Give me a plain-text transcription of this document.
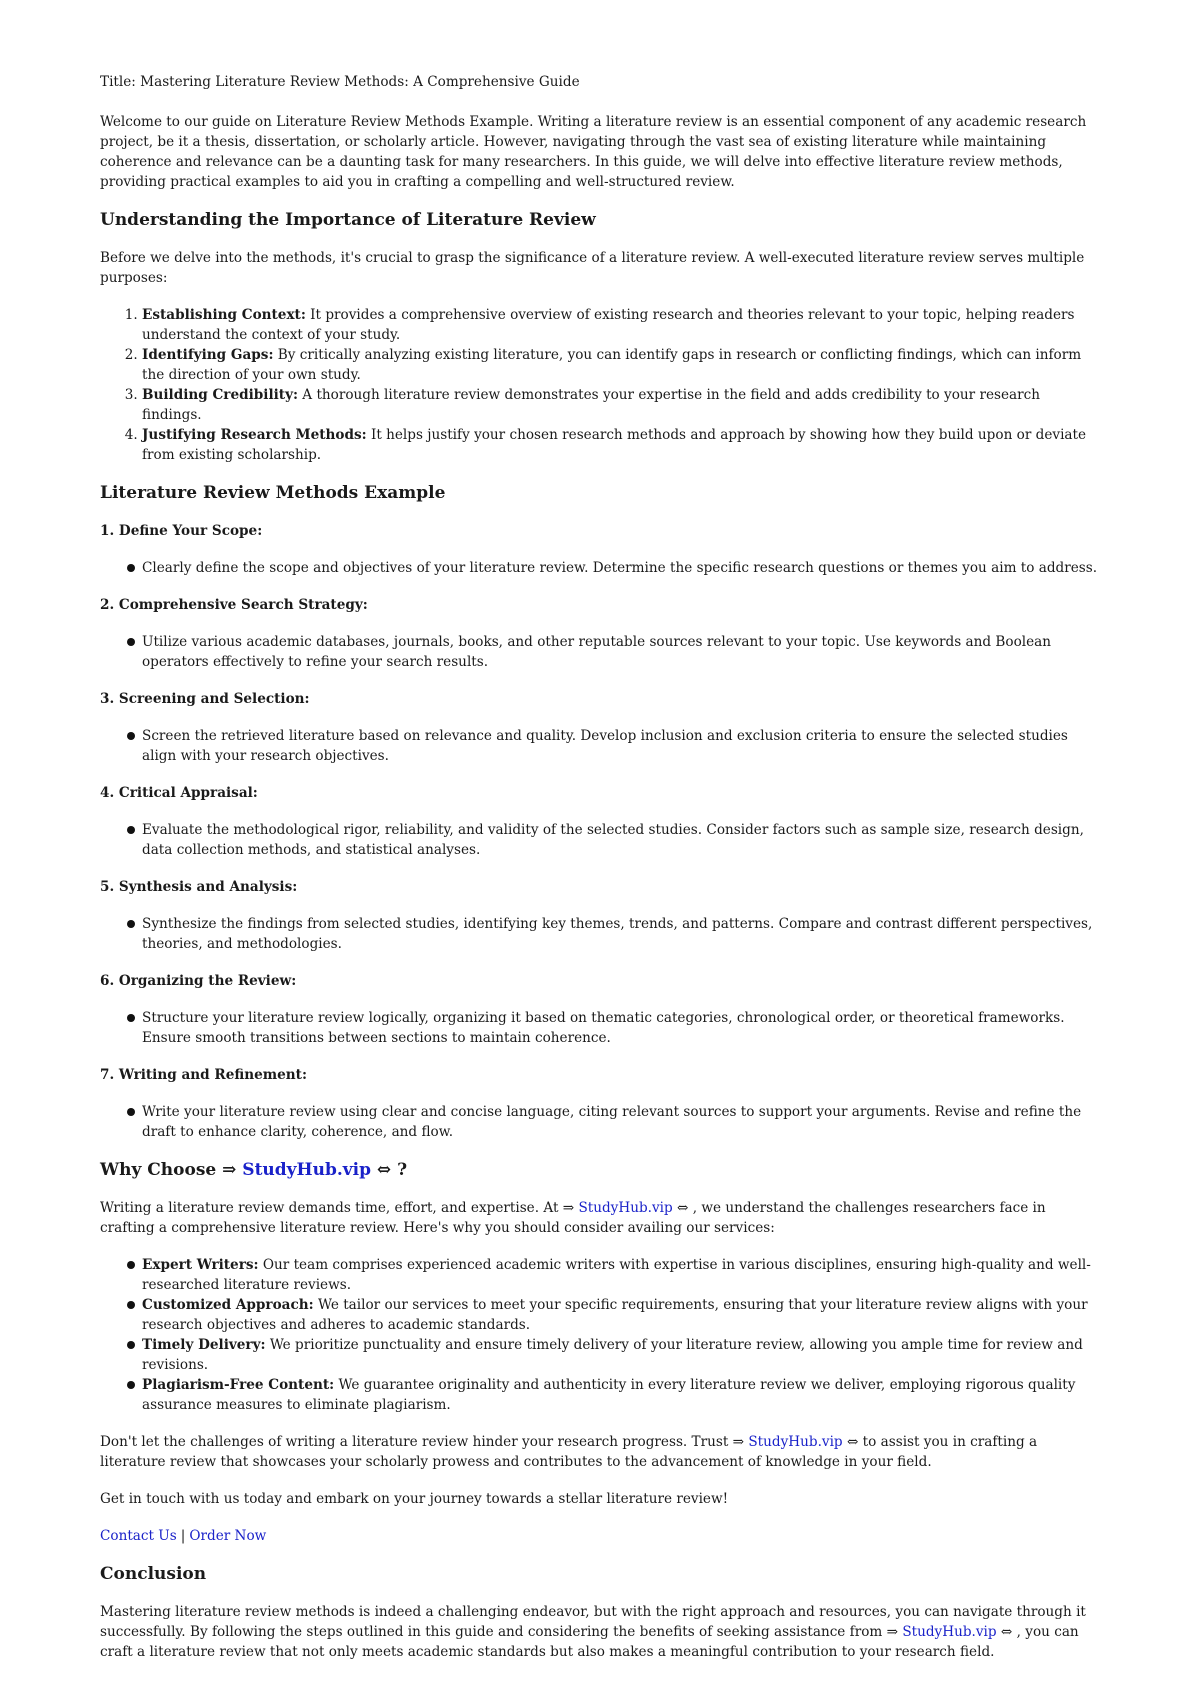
Title: Mastering Literature Review Methods: A Comprehensive Guide

Welcome to our guide on Literature Review Methods Example. Writing a literature review is an essential component of any academic research project, be it a thesis, dissertation, or scholarly article. However, navigating through the vast sea of existing literature while maintaining coherence and relevance can be a daunting task for many researchers. In this guide, we will delve into effective literature review methods, providing practical examples to aid you in crafting a compelling and well-structured review.

Understanding the Importance of Literature Review

Before we delve into the methods, it's crucial to grasp the significance of a literature review. A well-executed literature review serves multiple purposes:

1. Establishing Context: It provides a comprehensive overview of existing research and theories relevant to your topic, helping readers understand the context of your study.
2. Identifying Gaps: By critically analyzing existing literature, you can identify gaps in research or conflicting findings, which can inform the direction of your own study.
3. Building Credibility: A thorough literature review demonstrates your expertise in the field and adds credibility to your research findings.
4. Justifying Research Methods: It helps justify your chosen research methods and approach by showing how they build upon or deviate from existing scholarship.
Literature Review Methods Example
1. Define Your Scope:
Clearly define the scope and objectives of your literature review. Determine the specific research questions or themes you aim to address.
2. Comprehensive Search Strategy:
Utilize various academic databases, journals, books, and other reputable sources relevant to your topic. Use keywords and Boolean operators effectively to refine your search results.
3. Screening and Selection:
Screen the retrieved literature based on relevance and quality. Develop inclusion and exclusion criteria to ensure the selected studies align with your research objectives.
4. Critical Appraisal:
Evaluate the methodological rigor, reliability, and validity of the selected studies. Consider factors such as sample size, research design, data collection methods, and statistical analyses.
5. Synthesis and Analysis:
Synthesize the findings from selected studies, identifying key themes, trends, and patterns. Compare and contrast different perspectives, theories, and methodologies.
6. Organizing the Review:
Structure your literature review logically, organizing it based on thematic categories, chronological order, or theoretical frameworks. Ensure smooth transitions between sections to maintain coherence.
7. Writing and Refinement:
Write your literature review using clear and concise language, citing relevant sources to support your arguments. Revise and refine the draft to enhance clarity, coherence, and flow.
Why Choose ⇒ StudyHub.vip ⇔ ?

Writing a literature review demands time, effort, and expertise. At ⇒ StudyHub.vip ⇔ , we understand the challenges researchers face in crafting a comprehensive literature review. Here's why you should consider availing our services:

Expert Writers: Our team comprises experienced academic writers with expertise in various disciplines, ensuring high-quality and well-researched literature reviews.
Customized Approach: We tailor our services to meet your specific requirements, ensuring that your literature review aligns with your research objectives and adheres to academic standards.
Timely Delivery: We prioritize punctuality and ensure timely delivery of your literature review, allowing you ample time for review and revisions.
Plagiarism-Free Content: We guarantee originality and authenticity in every literature review we deliver, employing rigorous quality assurance measures to eliminate plagiarism.

Don't let the challenges of writing a literature review hinder your research progress. Trust ⇒ StudyHub.vip ⇔ to assist you in crafting a literature review that showcases your scholarly prowess and contributes to the advancement of knowledge in your field.

Get in touch with us today and embark on your journey towards a stellar literature review!

Contact Us | Order Now

Conclusion

Mastering literature review methods is indeed a challenging endeavor, but with the right approach and resources, you can navigate through it successfully. By following the steps outlined in this guide and considering the benefits of seeking assistance from ⇒ StudyHub.vip ⇔ , you can craft a literature review that not only meets academic standards but also makes a meaningful contribution to your research field.
